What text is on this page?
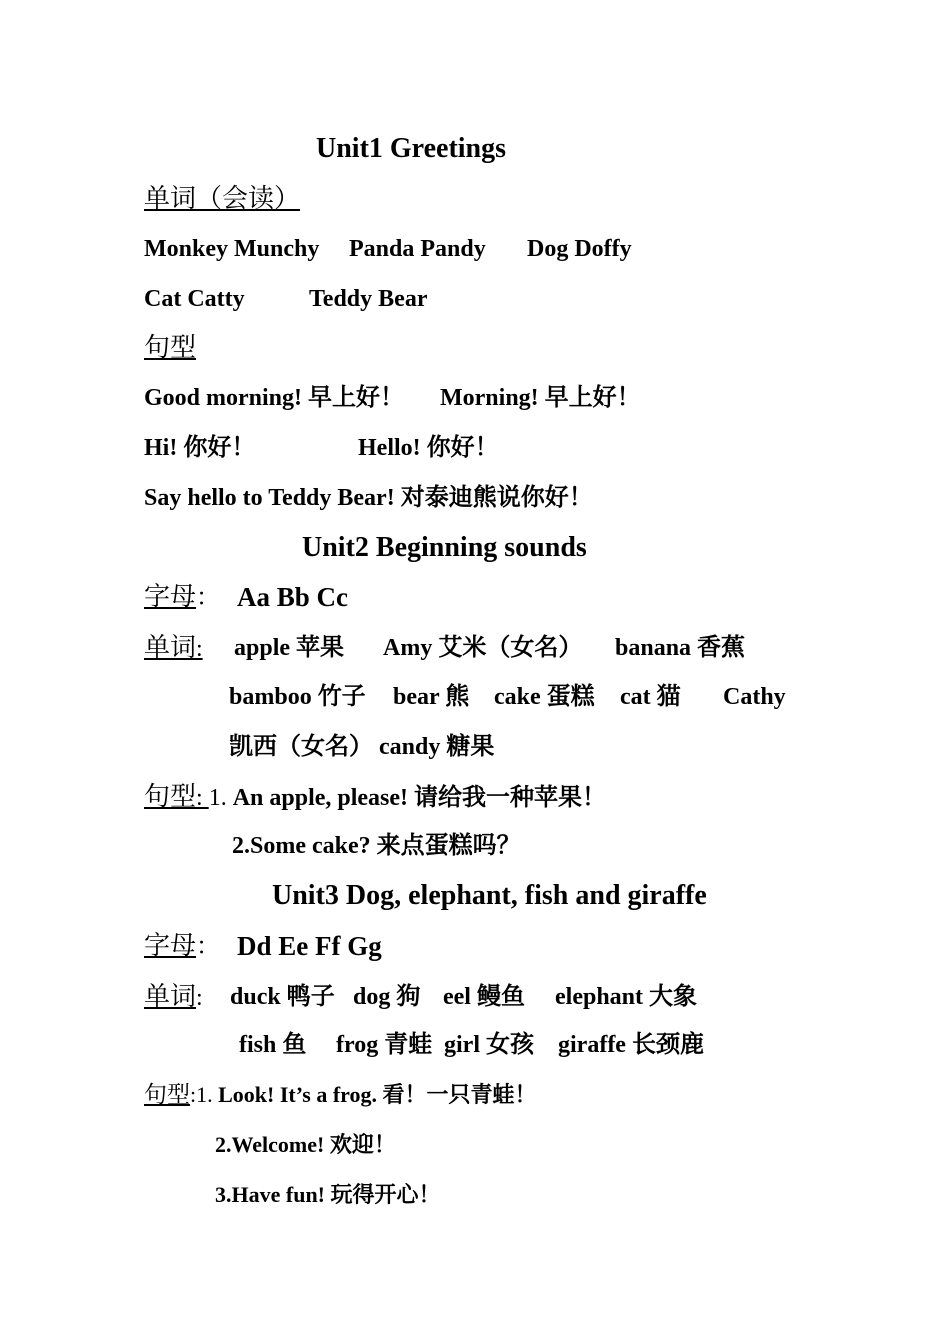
Unit1 Greetings
单词（会读）
Monkey Munchy Panda Pandy Dog Doffy
Cat Catty	Teddy Bear
句型
Good morning! 早上好！ Morning! 早上好！
Hi! 你好！	Hello! 你好！
Say hello to Teddy Bear! 对泰迪熊说你好！
Unit2 Beginning sounds
字母： Aa Bb Cc
单词: apple 苹果 Amy 艾米（女名） banana 香蕉
bamboo 竹子 bear 熊 cake 蛋糕 cat 猫 Cathy
凯西（女名） candy 糖果
句型: 1. An apple, please! 请给我一种苹果！
2.Some cake? 来点蛋糕吗？
Unit3 Dog, elephant, fish and giraffe
字母： Dd Ee Ff Gg
单词: duck 鸭子 dog 狗 eel 鳗鱼 elephant 大象
fish 鱼 frog 青蛙 girl 女孩 giraffe 长颈鹿
句型:1. Look! It’s a frog. 看！一只青蛙！
2.Welcome! 欢迎！
3.Have fun! 玩得开心！
